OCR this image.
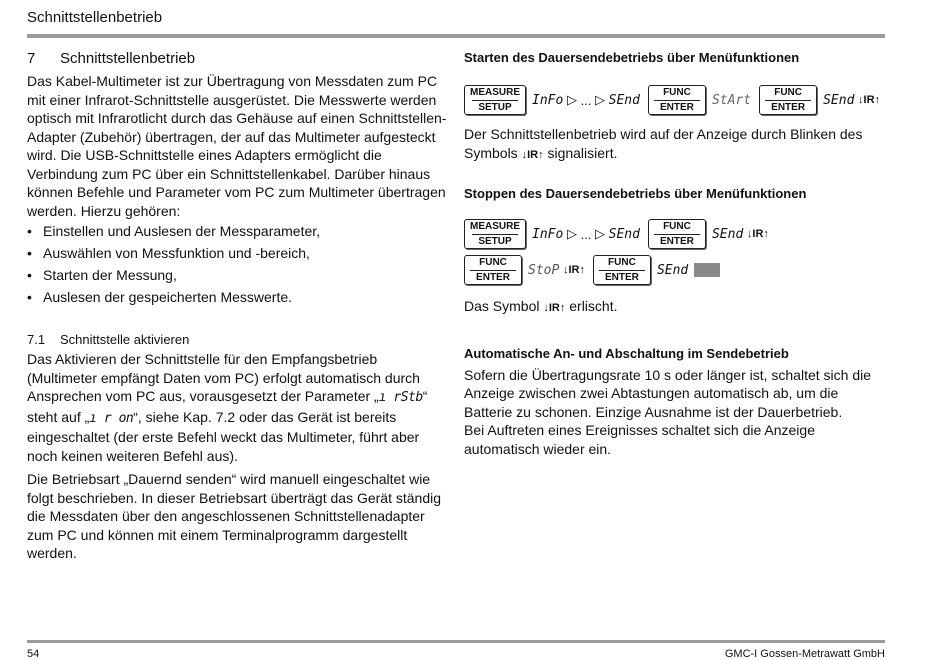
Schnittstellenbetrieb
7 Schnittstellenbetrieb

Das Kabel-Multimeter ist zur Übertragung von Messdaten zum PC mit einer Infrarot-Schnittstelle ausgerüstet. Die Messwerte werden optisch mit Infrarotlicht durch das Gehäuse auf einen Schnittstellen-Adapter (Zubehör) übertragen, der auf das Multimeter aufgesteckt wird. Die USB-Schnittstelle eines Adapters ermöglicht die Verbindung zum PC über ein Schnittstellenkabel. Darüber hinaus können Befehle und Parameter vom PC zum Multimeter übertragen werden. Hierzu gehören:

• Einstellen und Auslesen der Messparameter,
• Auswählen von Messfunktion und -bereich,
• Starten der Messung,
• Auslesen der gespeicherten Messwerte.
7.1 Schnittstelle aktivieren

Das Aktivieren der Schnittstelle für den Empfangsbetrieb (Multimeter empfängt Daten vom PC) erfolgt automatisch durch Ansprechen vom PC aus, vorausgesetzt der Parameter „ı rStb“ steht auf „ı r on“, siehe Kap. 7.2 oder das Gerät ist bereits eingeschaltet (der erste Befehl weckt das Multimeter, führt aber noch keinen weiteren Befehl aus).

Die Betriebsart „Dauernd senden“ wird manuell eingeschaltet wie folgt beschrieben. In dieser Betriebsart überträgt das Gerät ständig die Messdaten über den angeschlossenen Schnittstellenadapter zum PC und können mit einem Terminalprogramm dargestellt werden.

Starten des Dauersendebetriebs über Menüfunktionen
MEASURE
SETUP InFo
▷
...
▷
SEnd
FUNC
ENTER StArt
FUNC
ENTER SEnd
↓IR↑

Der Schnittstellenbetrieb wird auf der Anzeige durch Blinken des Symbols ↓IR↑ signalisiert.

Stoppen des Dauersendebetriebs über Menüfunktionen
MEASURE
SETUP InFo
▷
...
▷
SEnd
FUNC
ENTER SEnd
↓IR↑
FUNC
ENTER StoP
↓IR↑
FUNC
ENTER SEnd

Das Symbol ↓IR↑ erlischt.

Automatische An- und Abschaltung im Sendebetrieb

Sofern die Übertragungsrate 10 s oder länger ist, schaltet sich die Anzeige zwischen zwei Abtastungen automatisch ab, um die Batterie zu schonen. Einzige Ausnahme ist der Dauerbetrieb.

Bei Auftreten eines Ereignisses schaltet sich die Anzeige automatisch wieder ein.

54	GMC-I Gossen-Metrawatt GmbH
